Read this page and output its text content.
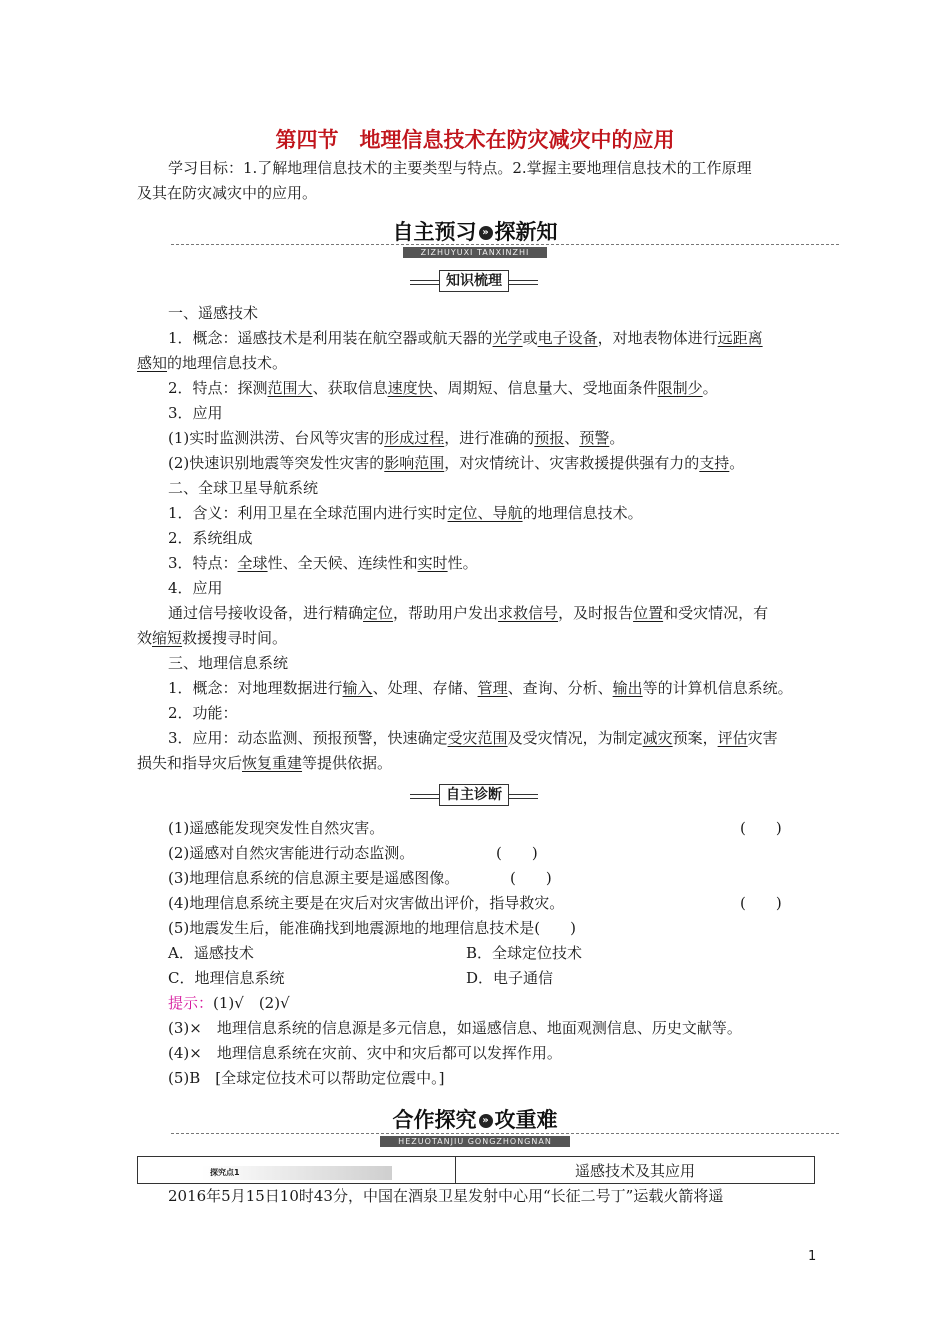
第四节　地理信息技术在防灾减灾中的应用
学习目标：1.了解地理信息技术的主要类型与特点。2.掌握主要地理信息技术的工作原理
及其在防灾减灾中的应用。
自主预习 » 探新知
ZIZHUYUXI TANXINZHI
知识梳理
一、遥感技术
1．概念：遥感技术是利用装在航空器或航天器的光学或电子设备，对地表物体进行远距离
感知的地理信息技术。
2．特点：探测范围大、获取信息速度快、周期短、信息量大、受地面条件限制少。
3．应用
(1)实时监测洪涝、台风等灾害的形成过程，进行准确的预报、预警。
(2)快速识别地震等突发性灾害的影响范围，对灾情统计、灾害救援提供强有力的支持。
二、全球卫星导航系统
1．含义：利用卫星在全球范围内进行实时定位、导航的地理信息技术。
2．系统组成
3．特点：全球性、全天候、连续性和实时性。
4．应用
通过信号接收设备，进行精确定位，帮助用户发出求救信号，及时报告位置和受灾情况，有
效缩短救援搜寻时间。
三、地理信息系统
1．概念：对地理数据进行输入、处理、存储、管理、查询、分析、输出等的计算机信息系统。
2．功能：
3．应用：动态监测、预报预警，快速确定受灾范围及受灾情况，为制定减灾预案，评估灾害
损失和指导灾后恢复重建等提供依据。
自主诊断
(1)遥感能发现突发性自然灾害。	(　　)
(2)遥感对自然灾害能进行动态监测。	(　　)
(3)地理信息系统的信息源主要是遥感图像。	(　　)
(4)地理信息系统主要是在灾后对灾害做出评价，指导救灾。	(　　)
(5)地震发生后，能准确找到地震源地的地理信息技术是(　　)
A．遥感技术	B．全球定位技术
C．地理信息系统	D．电子通信
提示：(1)√　(2)√
(3)×　地理信息系统的信息源是多元信息，如遥感信息、地面观测信息、历史文献等。
(4)×　地理信息系统在灾前、灾中和灾后都可以发挥作用。
(5)B　[全球定位技术可以帮助定位震中。]
合作探究 » 攻重难
HEZUOTANJIU GONGZHONGNAN
探究点1	遥感技术及其应用
2016年5月15日10时43分，中国在酒泉卫星发射中心用“长征二号丁”运载火箭将遥
1
